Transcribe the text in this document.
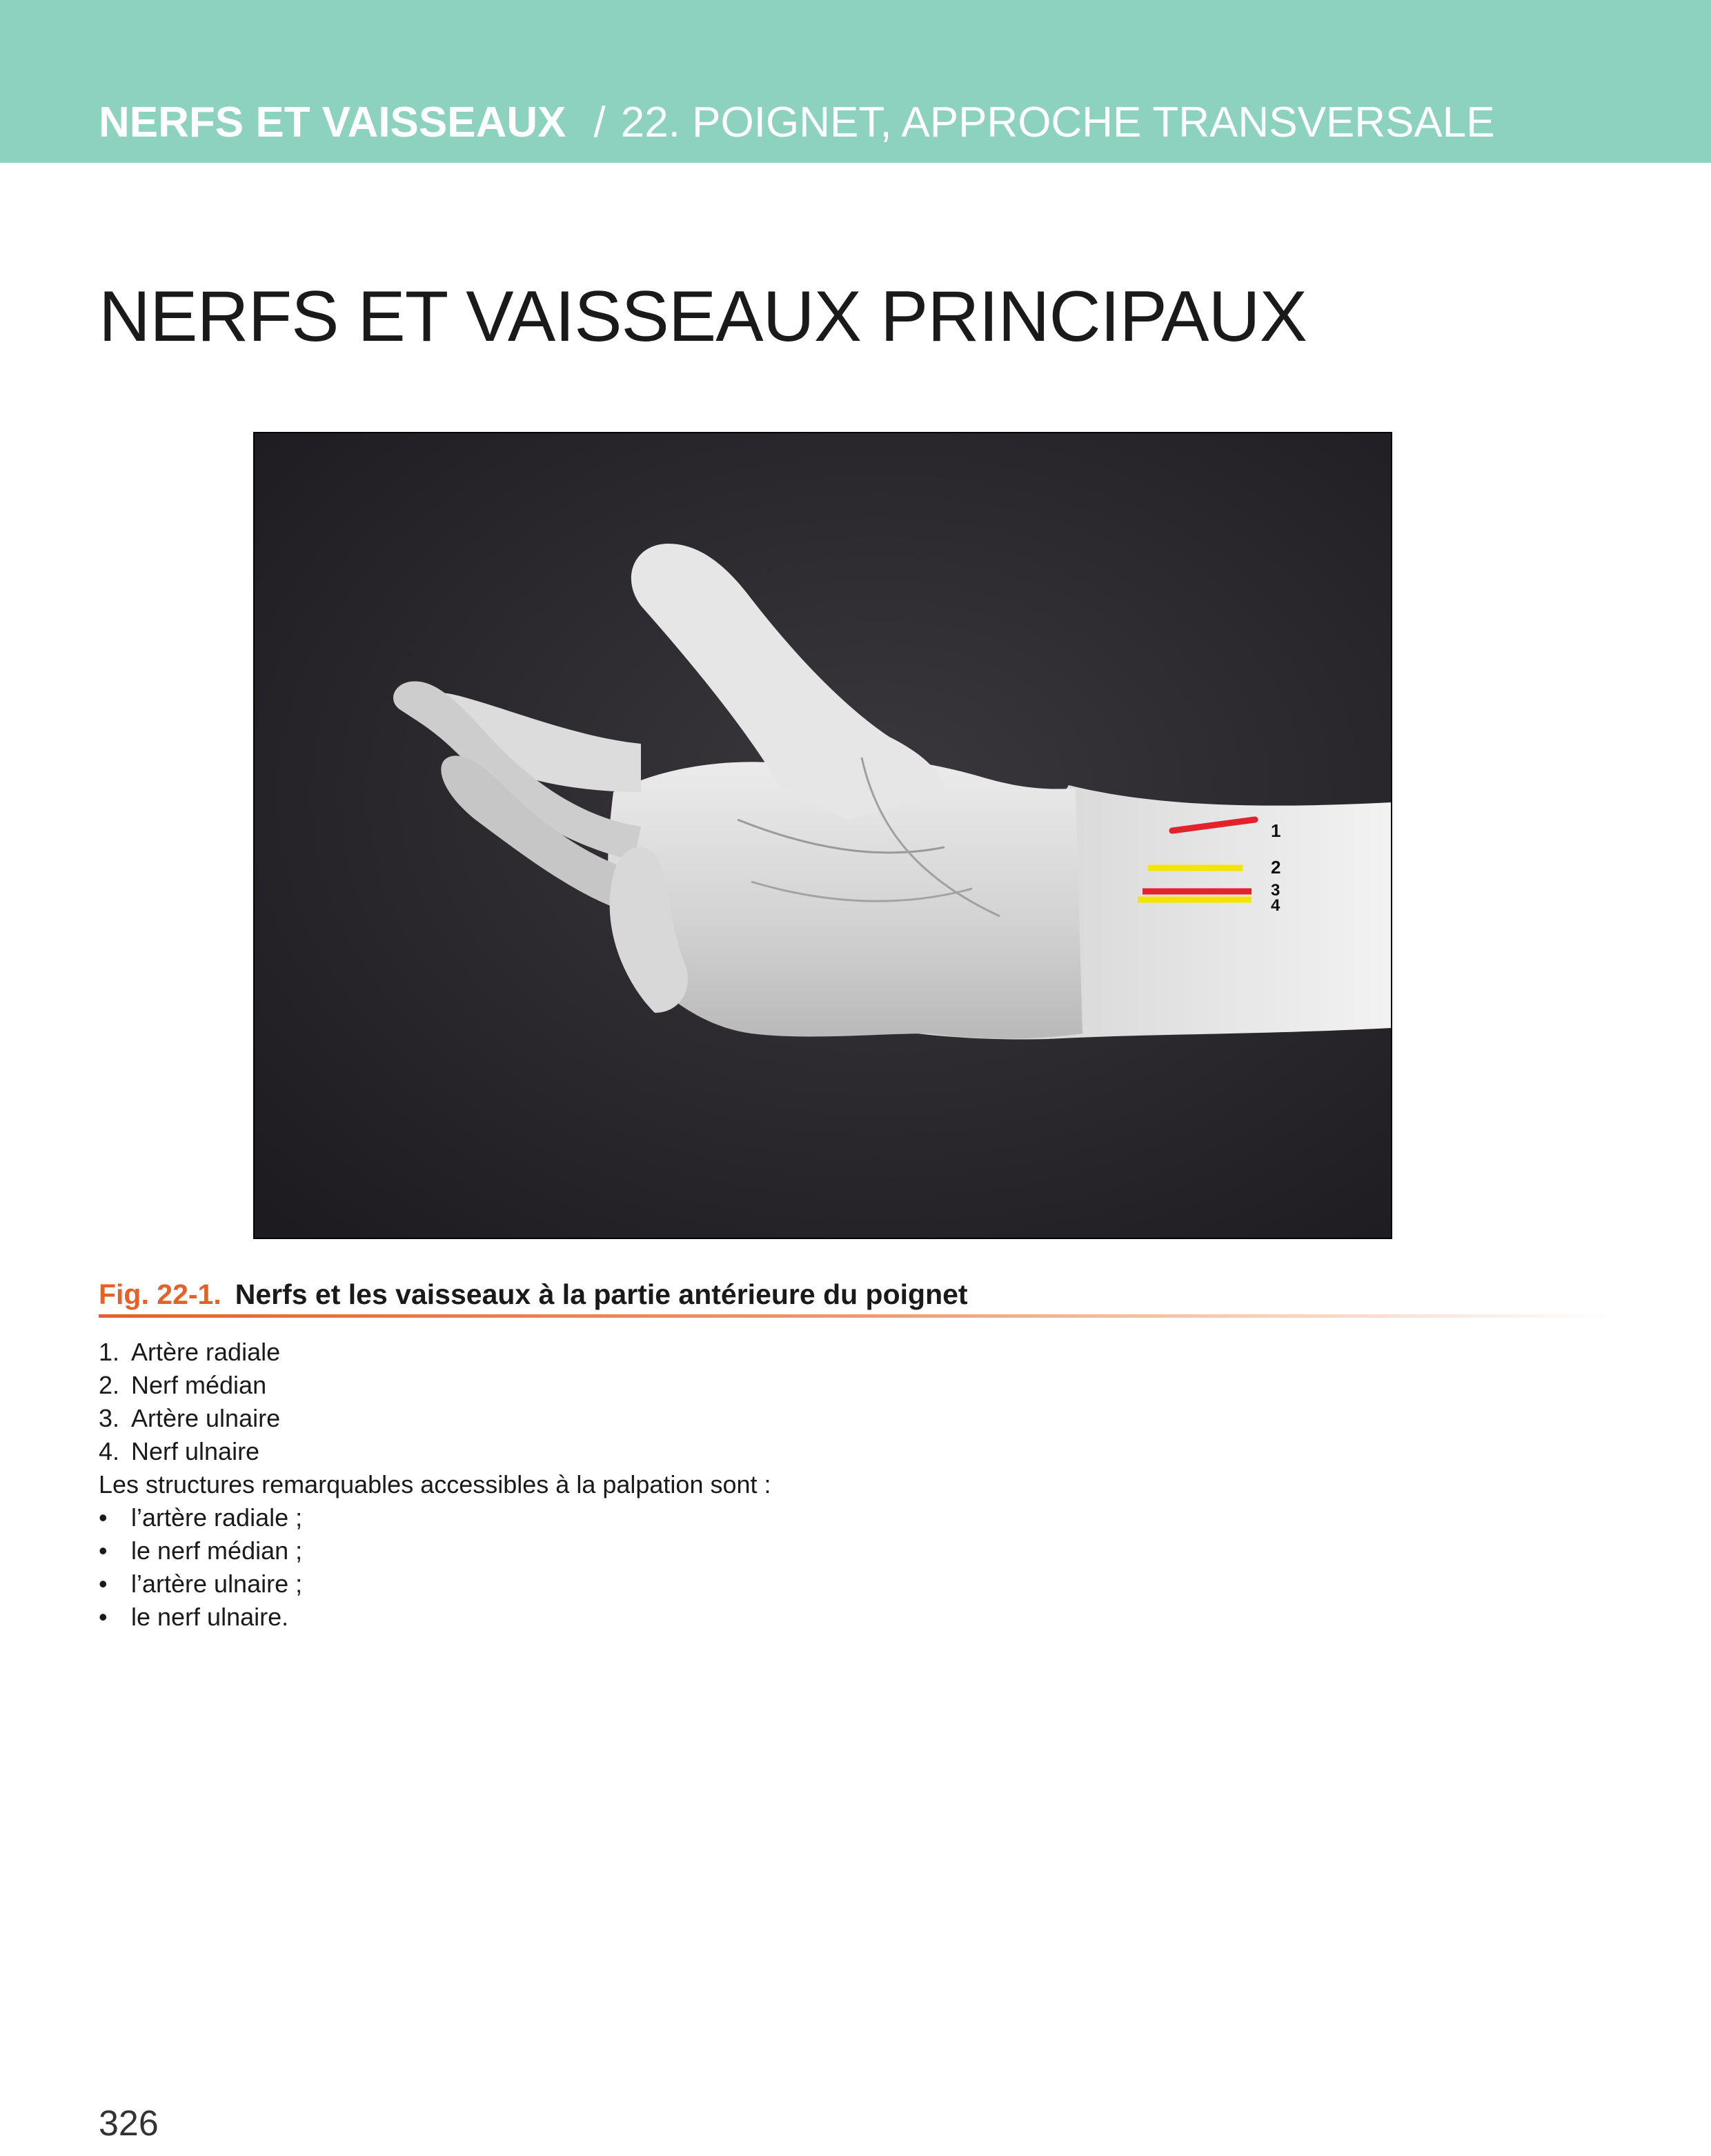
NERFS ET VAISSEAUX / 22. POIGNET, APPROCHE TRANSVERSALE
NERFS ET VAISSEAUX PRINCIPAUX
1
2
3
4
Fig. 22-1. Nerfs et les vaisseaux à la partie antérieure du poignet
1. Artère radiale
2. Nerf médian
3. Artère ulnaire
4. Nerf ulnaire
Les structures remarquables accessibles à la palpation sont :
• l’artère radiale ;
• le nerf médian ;
• l’artère ulnaire ;
• le nerf ulnaire.
326
